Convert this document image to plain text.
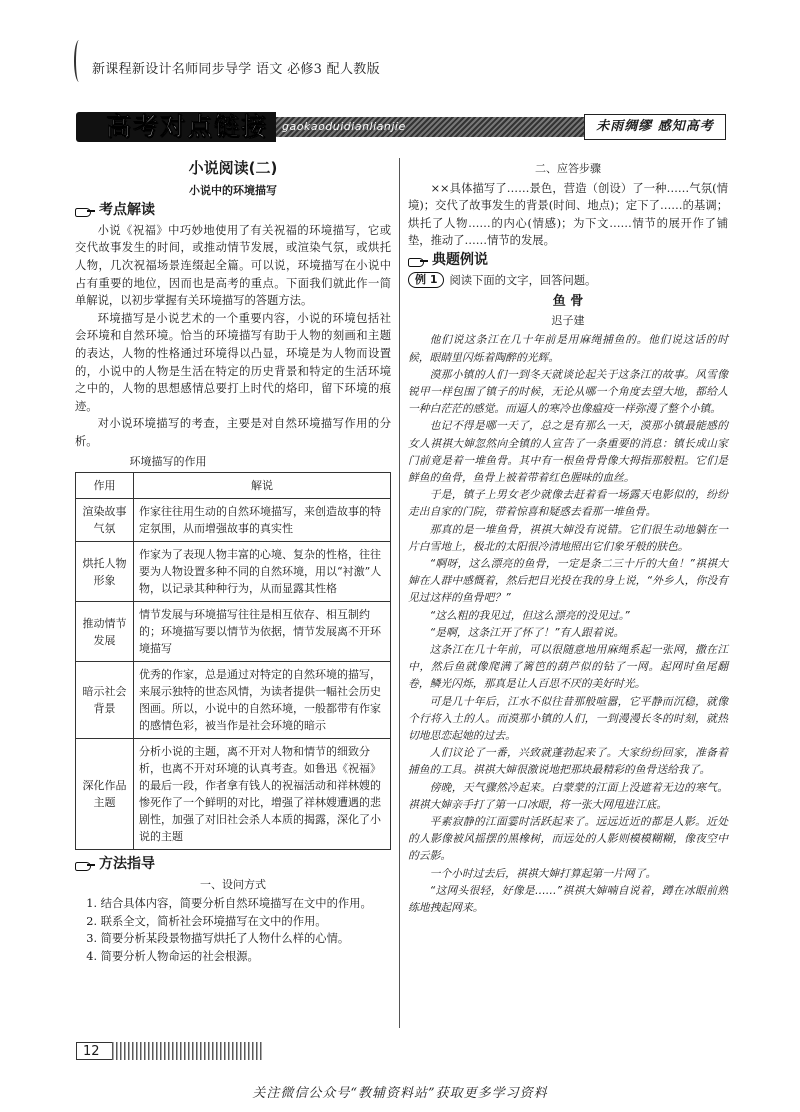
新课程新设计名师同步导学 语文 必修3 配人教版
高考对点链接 gaokaoduidianlianjie	未雨绸缪 感知高考
小说阅读(二)
小说中的环境描写
考点解读

小说《祝福》中巧妙地使用了有关祝福的环境描写，它或交代故事发生的时间，或推动情节发展，或渲染气氛，或烘托人物，几次祝福场景连缀起全篇。可以说，环境描写在小说中占有重要的地位，因而也是高考的重点。下面我们就此作一简单解说，以初步掌握有关环境描写的答题方法。

环境描写是小说艺术的一个重要内容，小说的环境包括社会环境和自然环境。恰当的环境描写有助于人物的刻画和主题的表达，人物的性格通过环境得以凸显，环境是为人物而设置的，小说中的人物是生活在特定的历史背景和特定的生活环境之中的，人物的思想感情总要打上时代的烙印，留下环境的痕迹。

对小说环境描写的考查，主要是对自然环境描写作用的分析。

环境描写的作用
作用	解说
渲染故事气氛	作家往往用生动的自然环境描写，来创造故事的特定氛围，从而增强故事的真实性
烘托人物形象	作家为了表现人物丰富的心境、复杂的性格，往往要为人物设置多种不同的自然环境，用以“衬激”人物，以记录其种种行为，从而显露其性格
推动情节发展	情节发展与环境描写往往是相互依存、相互制约的；环境描写要以情节为依据，情节发展离不开环境描写
暗示社会背景	优秀的作家，总是通过对特定的自然环境的描写，来展示独特的世态风情，为读者提供一幅社会历史图画。所以，小说中的自然环境，一般都带有作家的感情色彩，被当作是社会环境的暗示
深化作品主题	分析小说的主题，离不开对人物和情节的细致分析，也离不开对环境的认真考查。如鲁迅《祝福》的最后一段，作者拿有钱人的祝福活动和祥林嫂的惨死作了一个鲜明的对比，增强了祥林嫂遭遇的悲剧性，加强了对旧社会杀人本质的揭露，深化了小说的主题
方法指导
一、设问方式
1. 结合具体内容，简要分析自然环境描写在文中的作用。
2. 联系全文，简析社会环境描写在文中的作用。
3. 简要分析某段景物描写烘托了人物什么样的心情。
4. 简要分析人物命运的社会根源。
二、应答步骤

××具体描写了……景色，营造（创设）了一种……气氛(情境)；交代了故事发生的背景(时间、地点)；定下了……的基调；烘托了人物……的内心(情感)；为下文……情节的展开作了铺垫，推动了……情节的发展。

典题例说
例 1	阅读下面的文字，回答问题。
鱼 骨
迟子建

他们说这条江在几十年前是用麻绳捕鱼的。他们说这话的时候，眼睛里闪烁着陶醉的光辉。

漠那小镇的人们一到冬天就谈论起关于这条江的故事。风雪像锐甲一样包围了镇子的时候，无论从哪一个角度去望大地，都给人一种白茫茫的感觉。而逼人的寒冷也像瘟疫一样弥漫了整个小镇。

也记不得是哪一天了，总之是有那么一天，漠那小镇最能感的女人祺祺大婶忽然向全镇的人宣告了一条重要的消息：镇长成山家门前竟是着一堆鱼骨。其中有一根鱼骨骨像大拇指那般粗。它们是鲜鱼的鱼骨，鱼骨上被着带着红色腥味的血丝。

于是，镇子上男女老少就像去赶着看一场露天电影似的，纷纷走出自家的门院，带着惊喜和疑惑去看那一堆鱼骨。

那真的是一堆鱼骨，祺祺大婶没有说错。它们很生动地躺在一片白雪地上，极北的太阳很冷清地照出它们象牙般的肤色。

“啊呀，这么漂亮的鱼骨，一定是条二三十斤的大鱼！”祺祺大婶在人群中感慨着，然后把目光投在我的身上说，“外乡人，你没有见过这样的鱼骨吧？”

“这么粗的我见过，但这么漂亮的没见过。”

“是啊，这条江开了怀了！”有人跟着说。

这条江在几十年前，可以很随意地用麻绳系起一张网，撒在江中，然后鱼就像爬满了篱笆的葫芦似的钻了一网。起网时鱼尾翻卷，鳞光闪烁，那真是让人百思不厌的美好时光。

可是几十年后，江水不似往昔那般喧嚣，它平静而沉稳，就像个行将入土的人。而漠那小镇的人们，一到漫漫长冬的时刻，就热切地思恋起她的过去。

人们议论了一番，兴致就蓬勃起来了。大家纷纷回家，准备着捕鱼的工具。祺祺大婶很激说地把那块最精彩的鱼骨送给我了。

傍晚，天气骤然冷起来。白蒙蒙的江面上没遮着无边的寒气。祺祺大婶亲手打了第一口冰眼，将一张大网甩进江底。

平素寂静的江面霎时活跃起来了。远远近近的都是人影。近处的人影像被风摇摆的黑橡树，而远处的人影则模模糊糊，像夜空中的云影。

一个小时过去后，祺祺大婶打算起第一片网了。

“这网头很轻，好像是……”祺祺大婶喃自说着，蹲在冰眼前熟练地拽起网来。

12
关注微信公众号“教辅资料站”获取更多学习资料
